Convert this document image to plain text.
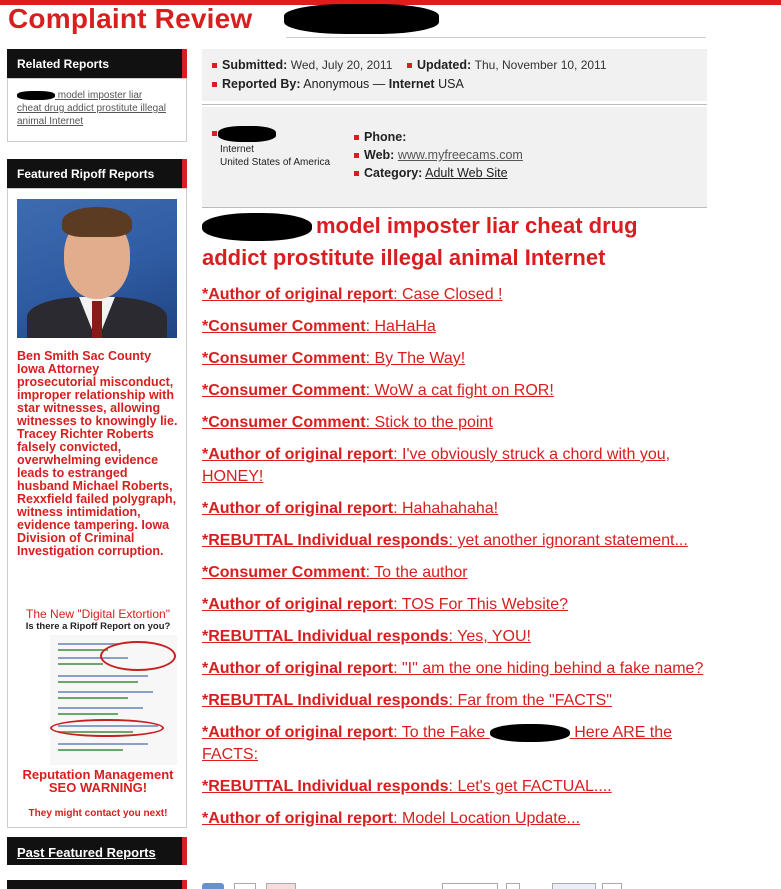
Complaint Review
Related Reports
model imposter liar cheat drug addict prostitute illegal animal Internet
Featured Ripoff Reports
Ben Smith Sac County Iowa Attorney prosecutorial misconduct, improper relationship with star witnesses, allowing witnesses to knowingly lie. Tracey Richter Roberts falsely convicted, overwhelming evidence leads to estranged husband Michael Roberts, Rexxfield failed polygraph, witness intimidation, evidence tampering. Iowa Division of Criminal Investigation corruption.
The New "Digital Extortion"
Is there a Ripoff Report on you?
Reputation Management SEO WARNING!
They might contact you next!
Past Featured Reports
Submitted: Wed, July 20, 2011	Updated: Thu, November 10, 2011
Reported By: Anonymous — Internet USA
Internet
United States of America
Phone:
Web: www.myfreecams.com
Category: Adult Web Site
model imposter liar cheat drug addict prostitute illegal animal Internet
*Author of original report: Case Closed !
*Consumer Comment: HaHaHa
*Consumer Comment: By The Way!
*Consumer Comment: WoW a cat fight on ROR!
*Consumer Comment: Stick to the point
*Author of original report: I've obviously struck a chord with you, HONEY!
*Author of original report: Hahahahaha!
*REBUTTAL Individual responds: yet another ignorant statement...
*Consumer Comment: To the author
*Author of original report: TOS For This Website?
*REBUTTAL Individual responds: Yes, YOU!
*Author of original report: "I" am the one hiding behind a fake name?
*REBUTTAL Individual responds: Far from the "FACTS"
*Author of original report: To the Fake	Here ARE the FACTS:
*REBUTTAL Individual responds: Let's get FACTUAL....
*Author of original report: Model Location Update...
